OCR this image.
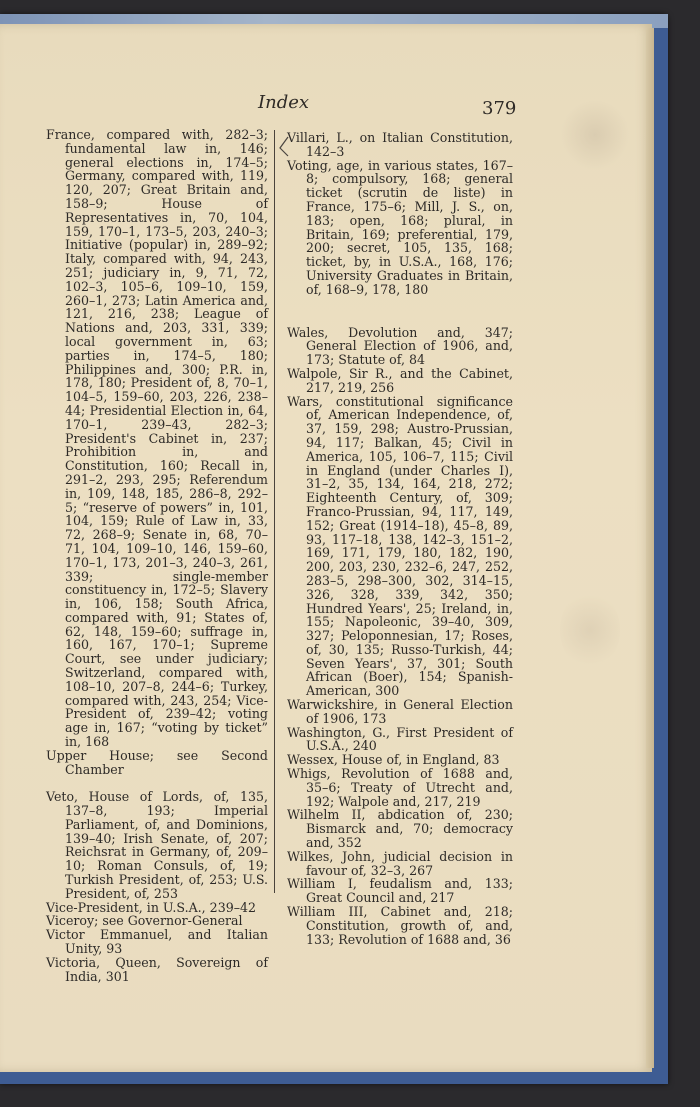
Index	379

France, compared with, 282–3; fundamental law in, 146; general elections in, 174–5; Germany, compared with, 119, 120, 207; Great Britain and, 158–9; House of Representatives in, 70, 104, 159, 170–1, 173–5, 203, 240–3; Initiative (popular) in, 289–92; Italy, compared with, 94, 243, 251; judiciary in, 9, 71, 72, 102–3, 105–6, 109–10, 159, 260–1, 273; Latin America and, 121, 216, 238; League of Nations and, 203, 331, 339; local government in, 63; parties in, 174–5, 180; Philippines and, 300; P.R. in, 178, 180; President of, 8, 70–1, 104–5, 159–60, 203, 226, 238–44; Presidential Election in, 64, 170–1, 239–43, 282–3; President's Cabinet in, 237; Prohibition in, and Constitution, 160; Recall in, 291–2, 293, 295; Referendum in, 109, 148, 185, 286–8, 292–5; “reserve of powers” in, 101, 104, 159; Rule of Law in, 33, 72, 268–9; Senate in, 68, 70–71, 104, 109–10, 146, 159–60, 170–1, 173, 201–3, 240–3, 261, 339; single-member constituency in, 172–5; Slavery in, 106, 158; South Africa, compared with, 91; States of, 62, 148, 159–60; suffrage in, 160, 167, 170–1; Supreme Court, see under judiciary; Switzerland, compared with, 108–10, 207–8, 244–6; Turkey, compared with, 243, 254; Vice-President of, 239–42; voting age in, 167; “voting by ticket” in, 168

Upper House; see Second Chamber

Veto, House of Lords, of, 135, 137–8, 193; Imperial Parliament, of, and Dominions, 139–40; Irish Senate, of, 207; Reichsrat in Germany, of, 209–10; Roman Consuls, of, 19; Turkish President, of, 253; U.S. President, of, 253

Vice-President, in U.S.A., 239–42

Viceroy; see Governor-General

Victor Emmanuel, and Italian Unity, 93

Victoria, Queen, Sovereign of India, 301

Villari, L., on Italian Constitution, 142–3

Voting, age, in various states, 167–8; compulsory, 168; general ticket (scrutin de liste) in France, 175–6; Mill, J. S., on, 183; open, 168; plural, in Britain, 169; preferential, 179, 200; secret, 105, 135, 168; ticket, by, in U.S.A., 168, 176; University Graduates in Britain, of, 168–9, 178, 180

Wales, Devolution and, 347; General Election of 1906, and, 173; Statute of, 84

Walpole, Sir R., and the Cabinet, 217, 219, 256

Wars, constitutional significance of, American Independence, of, 37, 159, 298; Austro-Prussian, 94, 117; Balkan, 45; Civil in America, 105, 106–7, 115; Civil in England (under Charles I), 31–2, 35, 134, 164, 218, 272; Eighteenth Century, of, 309; Franco-Prussian, 94, 117, 149, 152; Great (1914–18), 45–8, 89, 93, 117–18, 138, 142–3, 151–2, 169, 171, 179, 180, 182, 190, 200, 203, 230, 232–6, 247, 252, 283–5, 298–300, 302, 314–15, 326, 328, 339, 342, 350; Hundred Years', 25; Ireland, in, 155; Napoleonic, 39–40, 309, 327; Peloponnesian, 17; Roses, of, 30, 135; Russo-Turkish, 44; Seven Years', 37, 301; South African (Boer), 154; Spanish-American, 300

Warwickshire, in General Election of 1906, 173

Washington, G., First President of U.S.A., 240

Wessex, House of, in England, 83

Whigs, Revolution of 1688 and, 35–6; Treaty of Utrecht and, 192; Walpole and, 217, 219

Wilhelm II, abdication of, 230; Bismarck and, 70; democracy and, 352

Wilkes, John, judicial decision in favour of, 32–3, 267

William I, feudalism and, 133; Great Council and, 217

William III, Cabinet and, 218; Constitution, growth of, and, 133; Revolution of 1688 and, 36
